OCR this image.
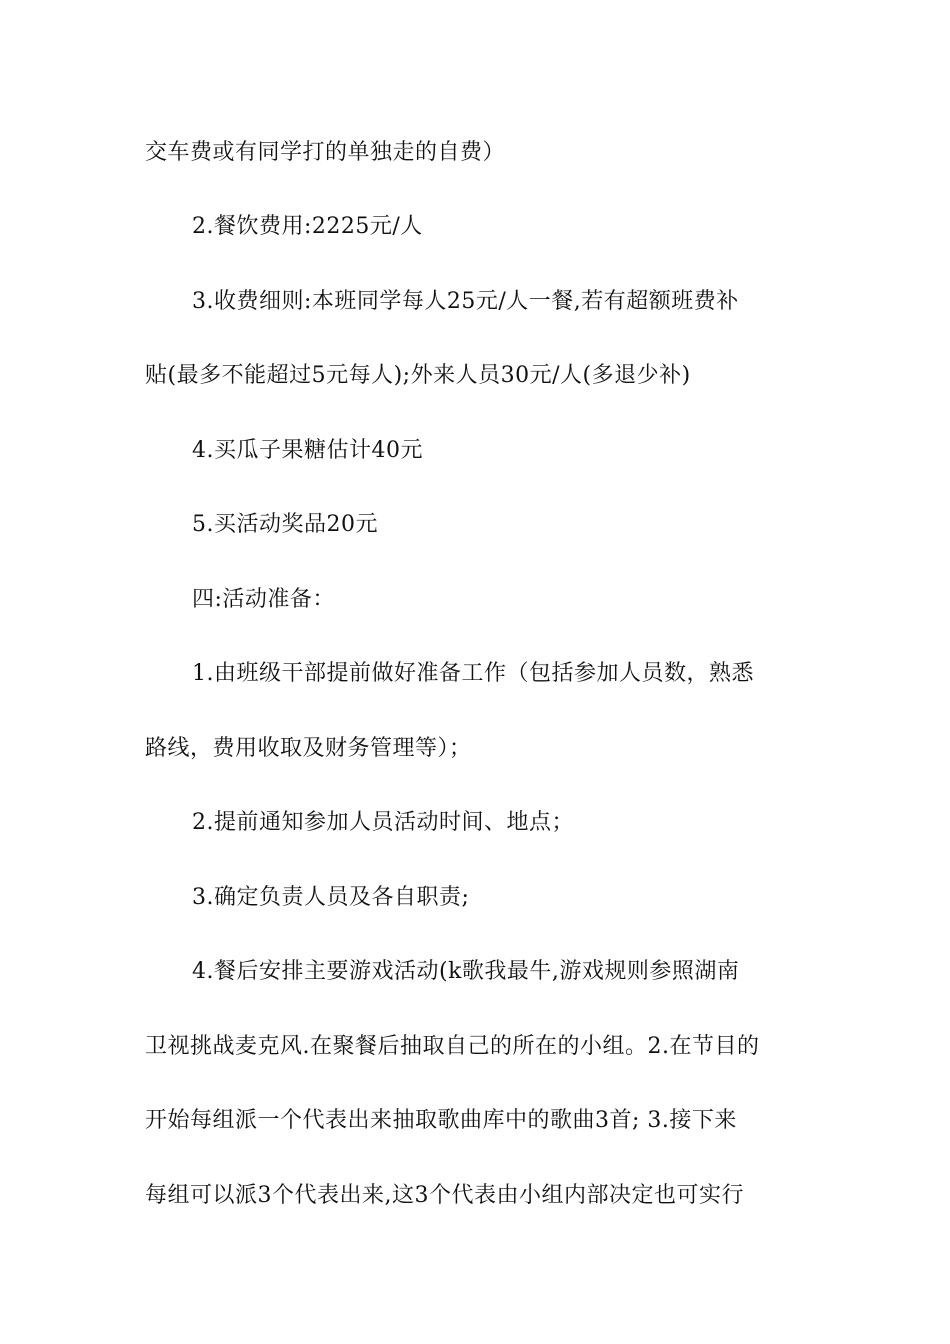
交车费或有同学打的单独走的自费）
2.餐饮费用:2225元/人
3.收费细则:本班同学每人25元/人一餐,若有超额班费补
贴(最多不能超过5元每人);外来人员30元/人(多退少补)
4.买瓜子果糖估计40元
5.买活动奖品20元
四:活动准备：
1.由班级干部提前做好准备工作（包括参加人员数，熟悉
路线，费用收取及财务管理等）；
2.提前通知参加人员活动时间、地点；
3.确定负责人员及各自职责;
4.餐后安排主要游戏活动(k歌我最牛,游戏规则参照湖南
卫视挑战麦克风.在聚餐后抽取自己的所在的小组。2.在节目的
开始每组派一个代表出来抽取歌曲库中的歌曲3首; 3.接下来
每组可以派3个代表出来,这3个代表由小组内部决定也可实行
